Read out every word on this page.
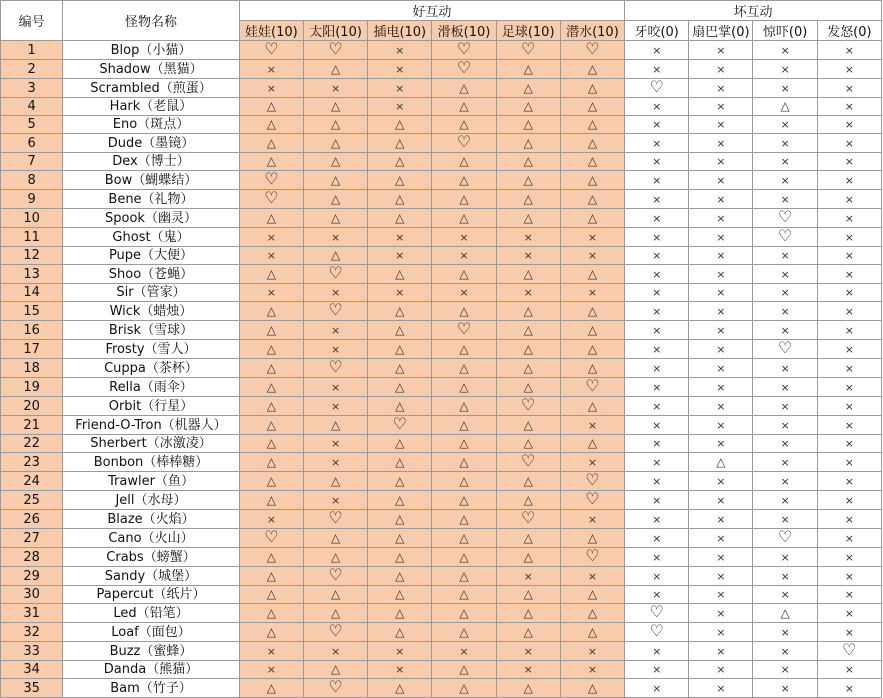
编号	怪物名称	好互动						坏互动			
		娃娃(10)	太阳(10)	插电(10)	滑板(10)	足球(10)	潜水(10)	牙咬(0)	扇巴掌(0)	惊吓(0)	发怒(0)
1	Blop（小猫）	♡	♡	×	♡	♡	♡	×	×	×	×
2	Shadow（黑猫）	×	△	×	♡	△	△	×	×	×	×
3	Scrambled（煎蛋）	×	×	×	△	△	△	♡	×	×	×
4	Hark（老鼠）	△	△	×	△	△	△	×	×	△	×
5	Eno（斑点）	△	△	△	△	△	△	×	×	×	×
6	Dude（墨镜）	△	△	△	♡	△	△	×	×	×	×
7	Dex（博士）	△	△	△	△	△	△	×	×	×	×
8	Bow（蝴蝶结）	♡	△	△	△	△	△	×	×	×	×
9	Bene（礼物）	♡	△	△	△	△	△	×	×	×	×
10	Spook（幽灵）	△	△	△	△	△	△	×	×	♡	×
11	Ghost（鬼）	×	×	×	×	×	×	×	×	♡	×
12	Pupe（大便）	×	△	×	×	×	×	×	×	×	×
13	Shoo（苍蝇）	△	♡	△	△	△	△	×	×	×	×
14	Sir（管家）	×	×	×	×	×	×	×	×	×	×
15	Wick（蜡烛）	△	♡	△	△	△	△	×	×	×	×
16	Brisk（雪球）	△	×	△	♡	△	△	×	×	×	×
17	Frosty（雪人）	△	×	△	△	△	△	×	×	♡	×
18	Cuppa（茶杯）	△	♡	△	△	△	△	×	×	×	×
19	Rella（雨伞）	△	×	△	△	△	♡	×	×	×	×
20	Orbit（行星）	△	×	△	△	♡	△	×	×	×	×
21	Friend-O-Tron（机器人）	△	△	♡	△	△	×	×	×	×	×
22	Sherbert（冰激凌）	△	×	△	△	△	△	×	×	×	×
23	Bonbon（棒棒糖）	△	×	△	△	♡	×	×	△	×	×
24	Trawler（鱼）	△	△	△	△	△	♡	×	×	×	×
25	Jell（水母）	△	×	△	△	△	♡	×	×	×	×
26	Blaze（火焰）	×	♡	△	△	♡	×	×	×	×	×
27	Cano（火山）	♡	△	△	△	△	△	×	×	♡	×
28	Crabs（螃蟹）	△	△	△	△	△	♡	×	×	×	×
29	Sandy（城堡）	△	♡	△	△	×	×	×	×	×	×
30	Papercut（纸片）	△	△	△	△	△	△	×	×	×	×
31	Led（铅笔）	△	△	△	△	△	△	♡	×	△	×
32	Loaf（面包）	△	♡	△	△	△	△	♡	×	×	×
33	Buzz（蜜蜂）	×	×	×	×	×	×	×	×	×	♡
34	Danda（熊猫）	×	△	×	△	×	×	×	×	×	×
35	Bam（竹子）	△	♡	△	△	△	△	×	×	×	×
